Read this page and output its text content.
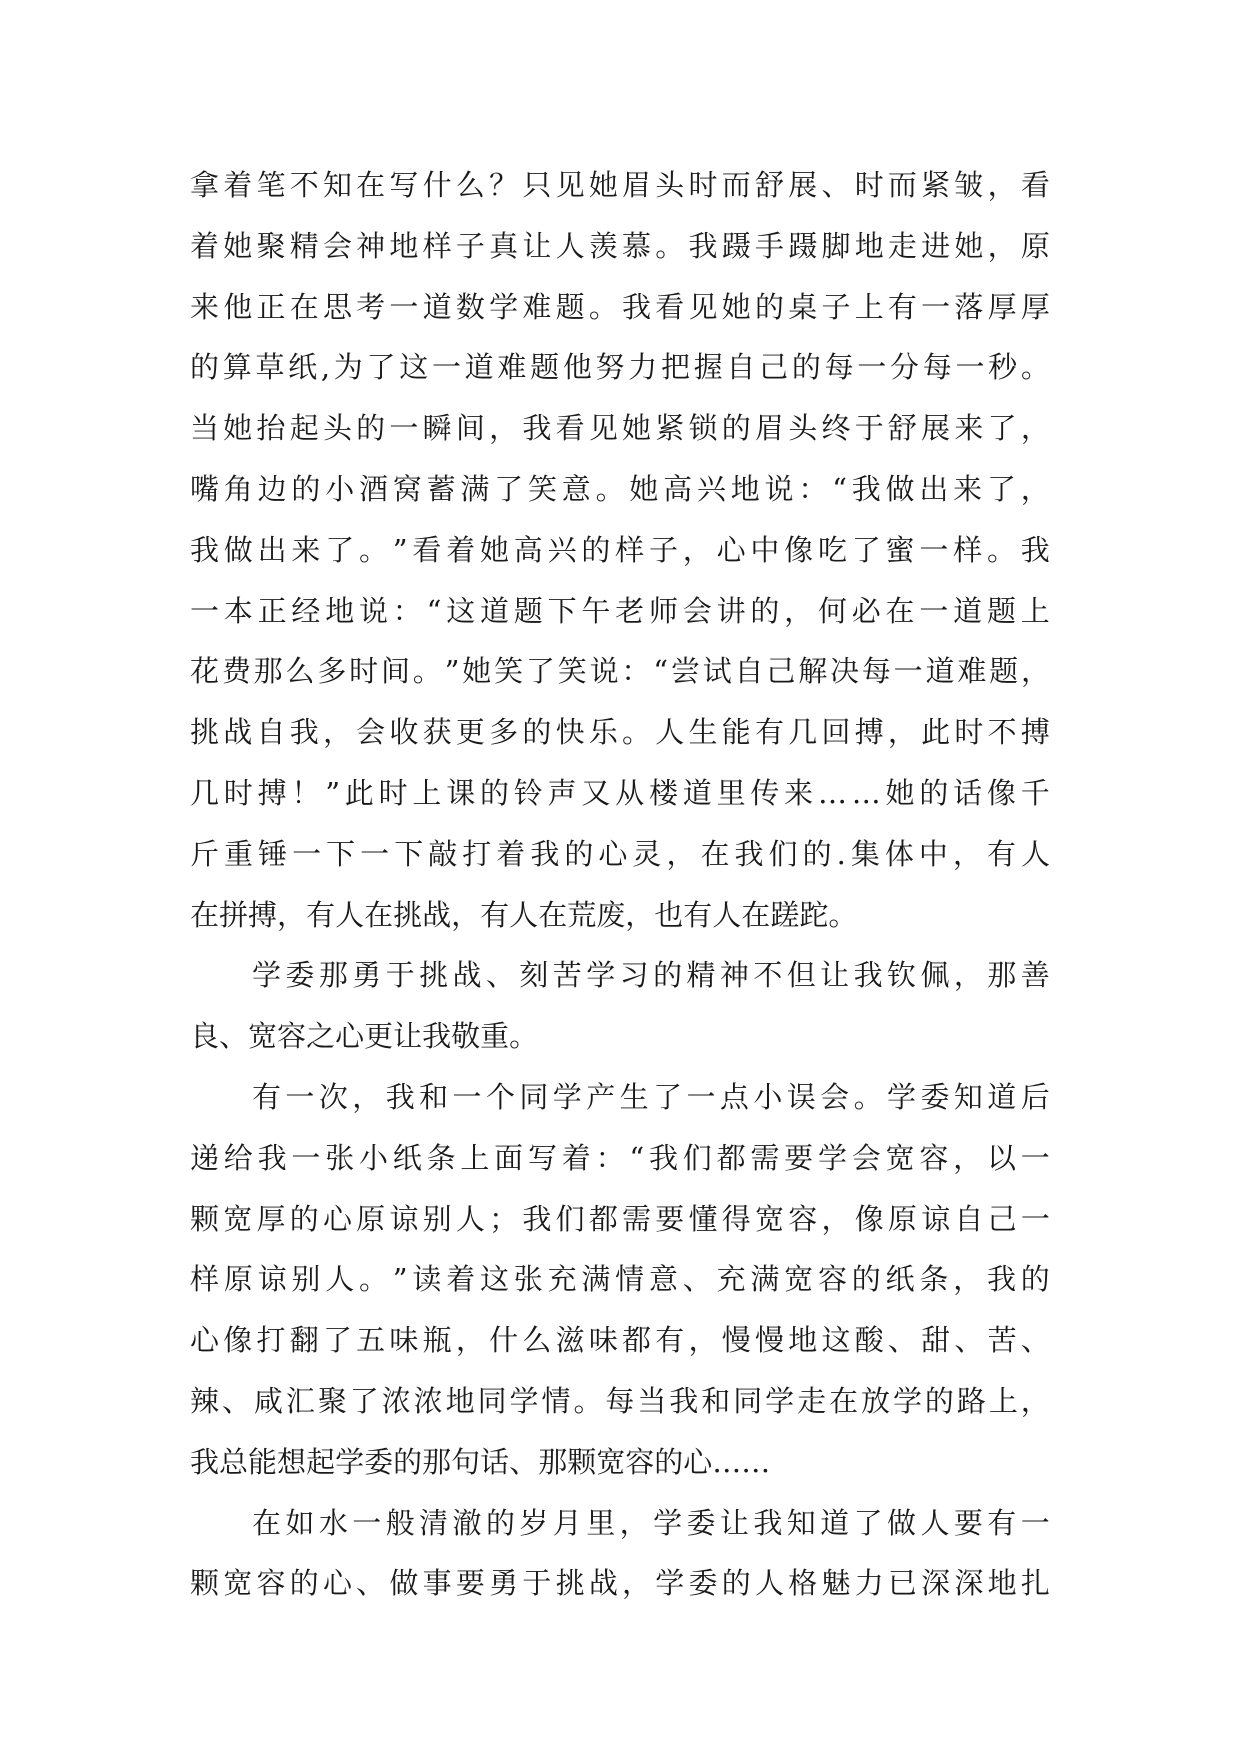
拿 着 笔 不 知 在 写 什 么 ？ 只 见 她 眉 头 时 而 舒 展 、 时 而 紧 皱 ， 看
着 她 聚 精 会 神 地 样 子 真 让 人 羡 慕 。 我 蹑 手 蹑 脚 地 走 进 她 ， 原
来 他 正 在 思 考 一 道 数 学 难 题 。 我 看 见 她 的 桌 子 上 有 一 落 厚 厚
的 算 草 纸 , 为 了 这 一 道 难 题 他 努 力 把 握 自 己 的 每 一 分 每 一 秒 。
当 她 抬 起 头 的 一 瞬 间 ， 我 看 见 她 紧 锁 的 眉 头 终 于 舒 展 来 了 ，
嘴 角 边 的 小 酒 窝 蓄 满 了 笑 意 。 她 高 兴 地 说 ： “ 我 做 出 来 了 ，
我 做 出 来 了 。 ” 看 着 她 高 兴 的 样 子 ， 心 中 像 吃 了 蜜 一 样 。 我
一 本 正 经 地 说 ： “ 这 道 题 下 午 老 师 会 讲 的 ， 何 必 在 一 道 题 上
花 费 那 么 多 时 间 。 ” 她 笑 了 笑 说 ： “ 尝 试 自 己 解 决 每 一 道 难 题 ，
挑 战 自 我 ， 会 收 获 更 多 的 快 乐 。 人 生 能 有 几 回 搏 ， 此 时 不 搏
几 时 搏 ！ ” 此 时 上 课 的 铃 声 又 从 楼 道 里 传 来 … … 她 的 话 像 千
斤 重 锤 一 下 一 下 敲 打 着 我 的 心 灵 ， 在 我 们 的 . 集 体 中 ， 有 人
在 拼 搏 ， 有 人 在 挑 战 ， 有 人 在 荒 废 ， 也 有 人 在 蹉 跎 。
学 委 那 勇 于 挑 战 、 刻 苦 学 习 的 精 神 不 但 让 我 钦 佩 ， 那 善
良 、 宽 容 之 心 更 让 我 敬 重 。
有 一 次 ， 我 和 一 个 同 学 产 生 了 一 点 小 误 会 。 学 委 知 道 后
递 给 我 一 张 小 纸 条 上 面 写 着 ： “ 我 们 都 需 要 学 会 宽 容 ， 以 一
颗 宽 厚 的 心 原 谅 别 人 ； 我 们 都 需 要 懂 得 宽 容 ， 像 原 谅 自 己 一
样 原 谅 别 人 。 ” 读 着 这 张 充 满 情 意 、 充 满 宽 容 的 纸 条 ， 我 的
心 像 打 翻 了 五 味 瓶 ， 什 么 滋 味 都 有 ， 慢 慢 地 这 酸 、 甜 、 苦 、
辣 、 咸 汇 聚 了 浓 浓 地 同 学 情 。 每 当 我 和 同 学 走 在 放 学 的 路 上 ，
我 总 能 想 起 学 委 的 那 句 话 、 那 颗 宽 容 的 心 … …
在 如 水 一 般 清 澈 的 岁 月 里 ， 学 委 让 我 知 道 了 做 人 要 有 一
颗 宽 容 的 心 、 做 事 要 勇 于 挑 战 ， 学 委 的 人 格 魅 力 已 深 深 地 扎
